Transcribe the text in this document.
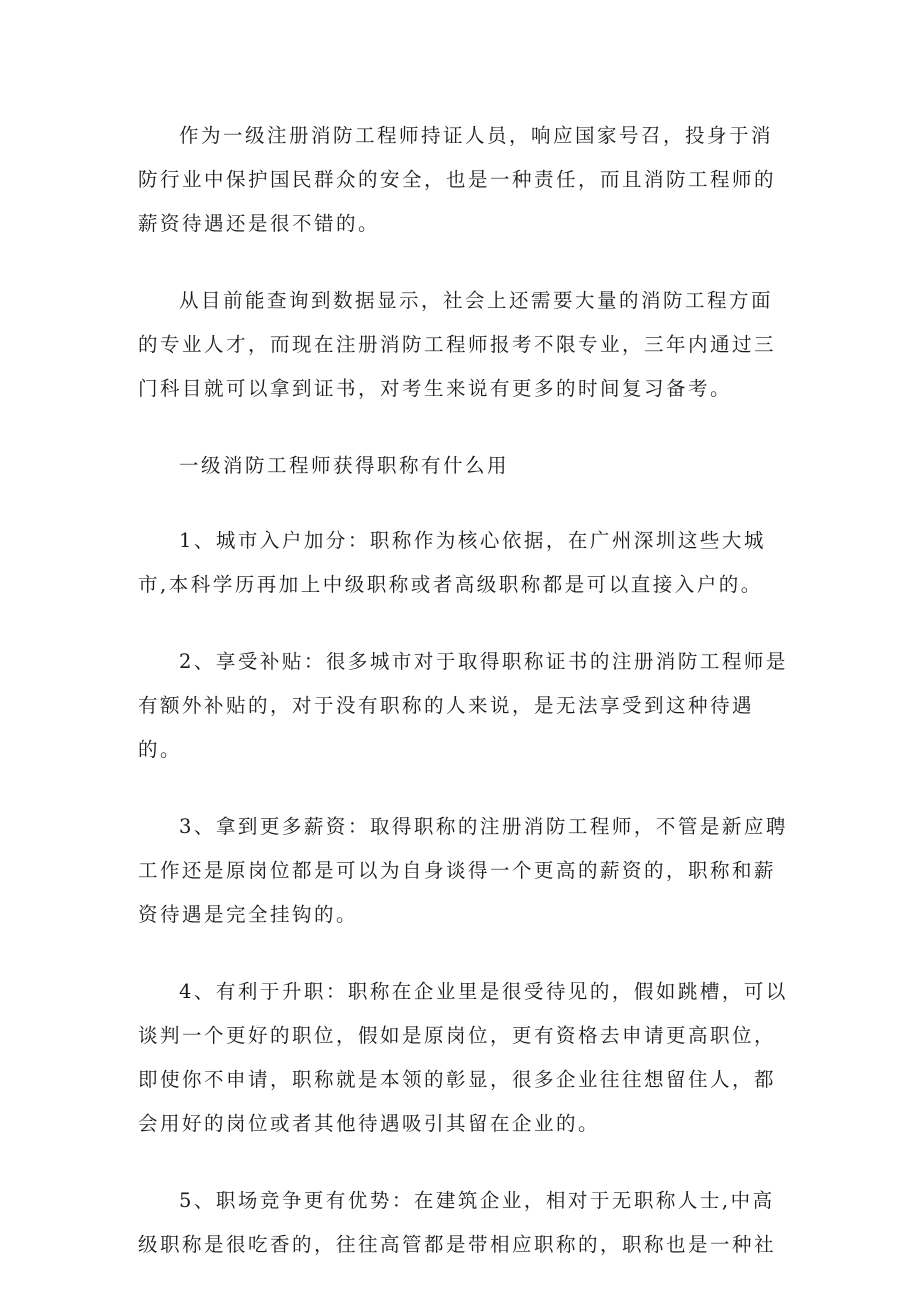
作为一级注册消防工程师持证人员，响应国家号召，投身于消防行业中保护国民群众的安全，也是一种责任，而且消防工程师的薪资待遇还是很不错的。

从目前能查询到数据显示，社会上还需要大量的消防工程方面的专业人才，而现在注册消防工程师报考不限专业，三年内通过三门科目就可以拿到证书，对考生来说有更多的时间复习备考。

一级消防工程师获得职称有什么用

1、城市入户加分：职称作为核心依据，在广州深圳这些大城市,本科学历再加上中级职称或者高级职称都是可以直接入户的。

2、享受补贴：很多城市对于取得职称证书的注册消防工程师是有额外补贴的，对于没有职称的人来说，是无法享受到这种待遇的。

3、拿到更多薪资：取得职称的注册消防工程师，不管是新应聘工作还是原岗位都是可以为自身谈得一个更高的薪资的，职称和薪资待遇是完全挂钩的。

4、有利于升职：职称在企业里是很受待见的，假如跳槽，可以谈判一个更好的职位，假如是原岗位，更有资格去申请更高职位，即使你不申请，职称就是本领的彰显，很多企业往往想留住人，都会用好的岗位或者其他待遇吸引其留在企业的。

5、职场竞争更有优势：在建筑企业，相对于无职称人士,中高级职称是很吃香的，往往高管都是带相应职称的，职称也是一种社
